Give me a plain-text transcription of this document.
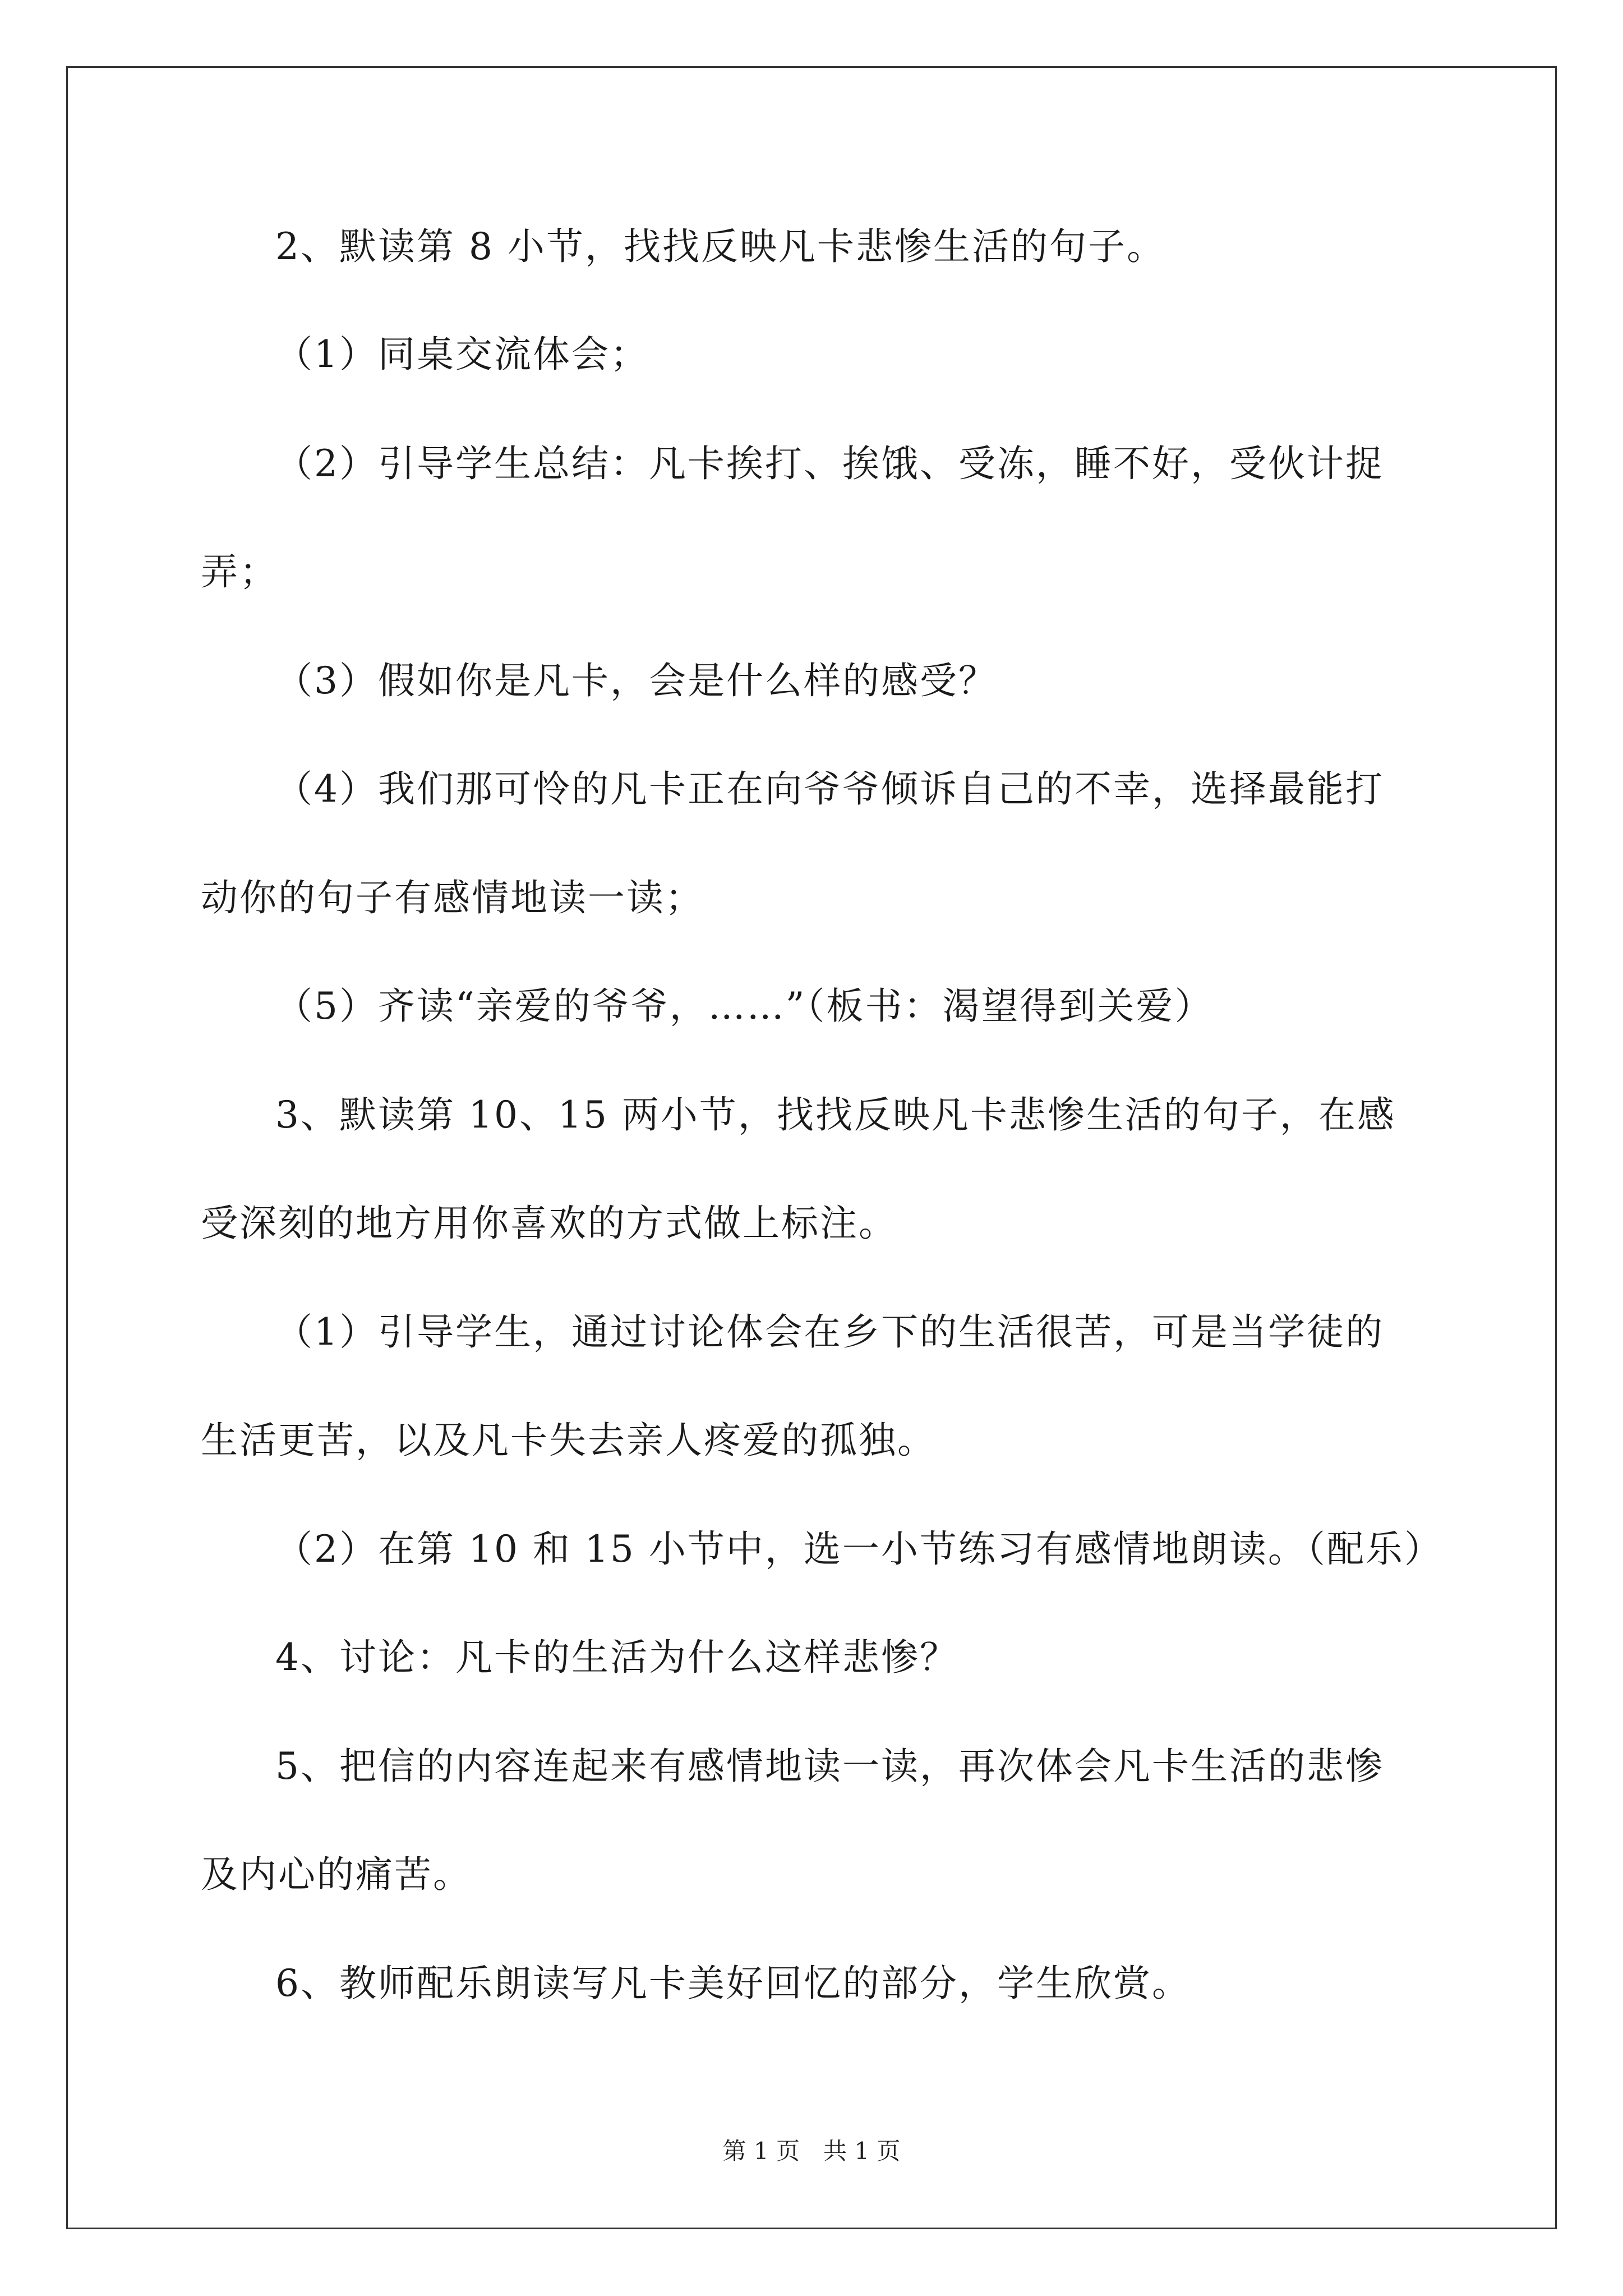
2、默读第 8 小节，找找反映凡卡悲惨生活的句子。
（1）同桌交流体会；
（2）引导学生总结：凡卡挨打、挨饿、受冻，睡不好，受伙计捉
弄；
（3）假如你是凡卡，会是什么样的感受？
（4）我们那可怜的凡卡正在向爷爷倾诉自己的不幸，选择最能打
动你的句子有感情地读一读；
（5）齐读“亲爱的爷爷，……”（板书：渴望得到关爱）
3、默读第 10、15 两小节，找找反映凡卡悲惨生活的句子，在感
受深刻的地方用你喜欢的方式做上标注。
（1）引导学生，通过讨论体会在乡下的生活很苦，可是当学徒的
生活更苦，以及凡卡失去亲人疼爱的孤独。
（2）在第 10 和 15 小节中，选一小节练习有感情地朗读。（配乐）
4、讨论：凡卡的生活为什么这样悲惨？
5、把信的内容连起来有感情地读一读，再次体会凡卡生活的悲惨
及内心的痛苦。
6、教师配乐朗读写凡卡美好回忆的部分，学生欣赏。
第 1 页　共 1 页
